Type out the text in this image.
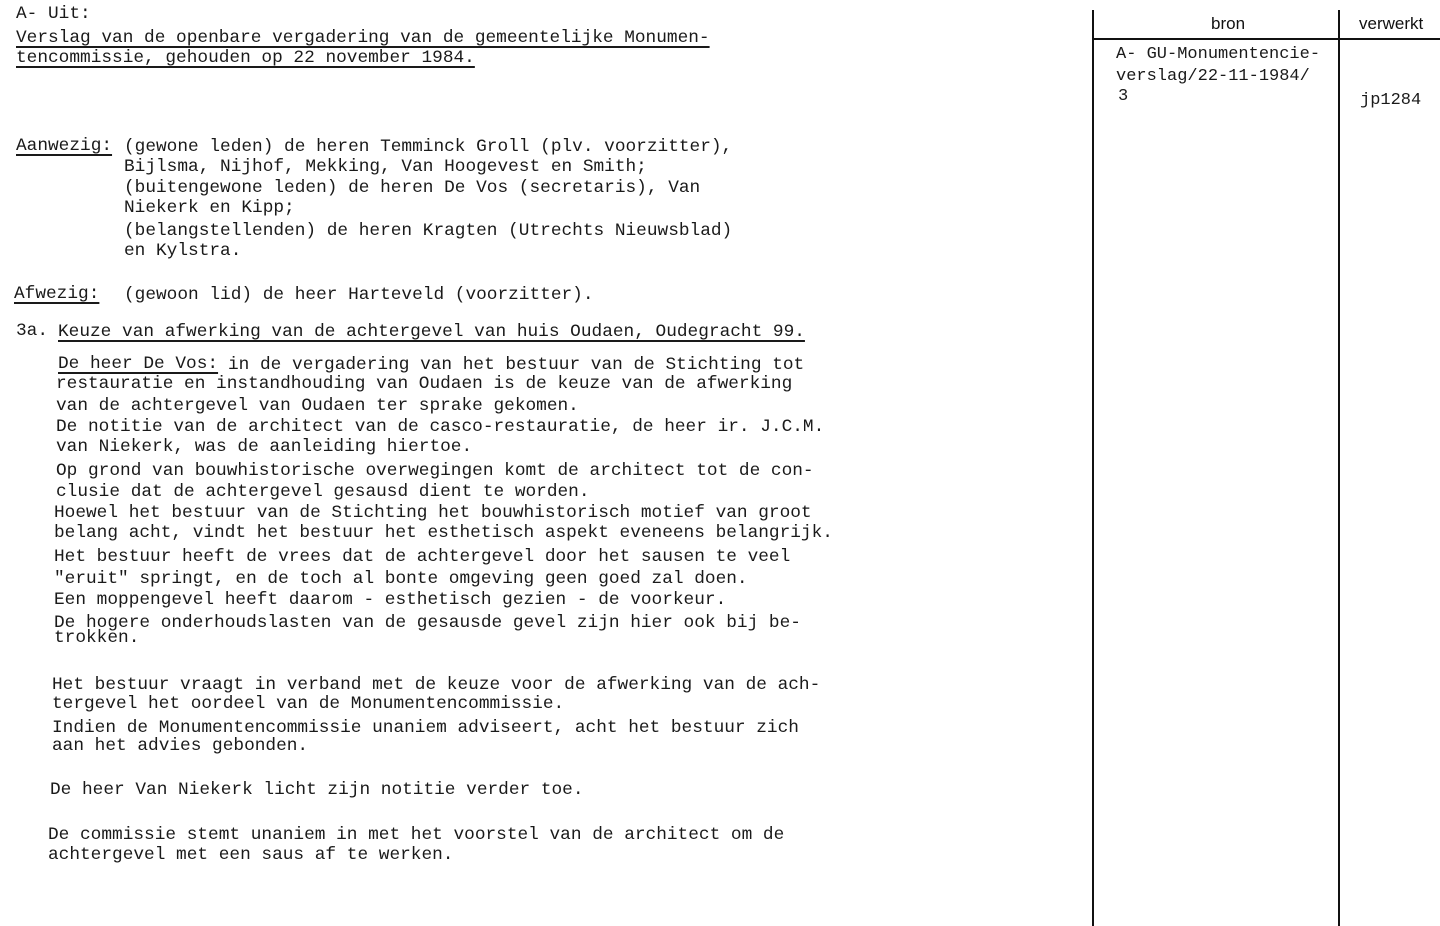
A- Uit:
Verslag van de openbare vergadering van de gemeentelijke Monumen-
tencommissie, gehouden op 22 november 1984.
Aanwezig: (gewone leden) de heren Temminck Groll (plv. voorzitter),
Bijlsma, Nijhof, Mekking, Van Hoogevest en Smith;
(buitengewone leden) de heren De Vos (secretaris), Van
Niekerk en Kipp;
(belangstellenden) de heren Kragten (Utrechts Nieuwsblad)
en Kylstra.
Afwezig: (gewoon lid) de heer Harteveld (voorzitter).
3a. Keuze van afwerking van de achtergevel van huis Oudaen, Oudegracht 99.
De heer De Vos: in de vergadering van het bestuur van de Stichting tot
restauratie en instandhouding van Oudaen is de keuze van de afwerking
van de achtergevel van Oudaen ter sprake gekomen.
De notitie van de architect van de casco-restauratie, de heer ir. J.C.M.
van Niekerk, was de aanleiding hiertoe.
Op grond van bouwhistorische overwegingen komt de architect tot de con-
clusie dat de achtergevel gesausd dient te worden.
Hoewel het bestuur van de Stichting het bouwhistorisch motief van groot
belang acht, vindt het bestuur het esthetisch aspekt eveneens belangrijk.
Het bestuur heeft de vrees dat de achtergevel door het sausen te veel
"eruit" springt, en de toch al bonte omgeving geen goed zal doen.
Een moppengevel heeft daarom - esthetisch gezien - de voorkeur.
De hogere onderhoudslasten van de gesausde gevel zijn hier ook bij be-
trokken.
Het bestuur vraagt in verband met de keuze voor de afwerking van de ach-
tergevel het oordeel van de Monumentencommissie.
Indien de Monumentencommissie unaniem adviseert, acht het bestuur zich
aan het advies gebonden.
De heer Van Niekerk licht zijn notitie verder toe.
De commissie stemt unaniem in met het voorstel van de architect om de
achtergevel met een saus af te werken.
bron	verwerkt
A- GU-Monumentencie-
verslag/22-11-1984/
3	jp1284
